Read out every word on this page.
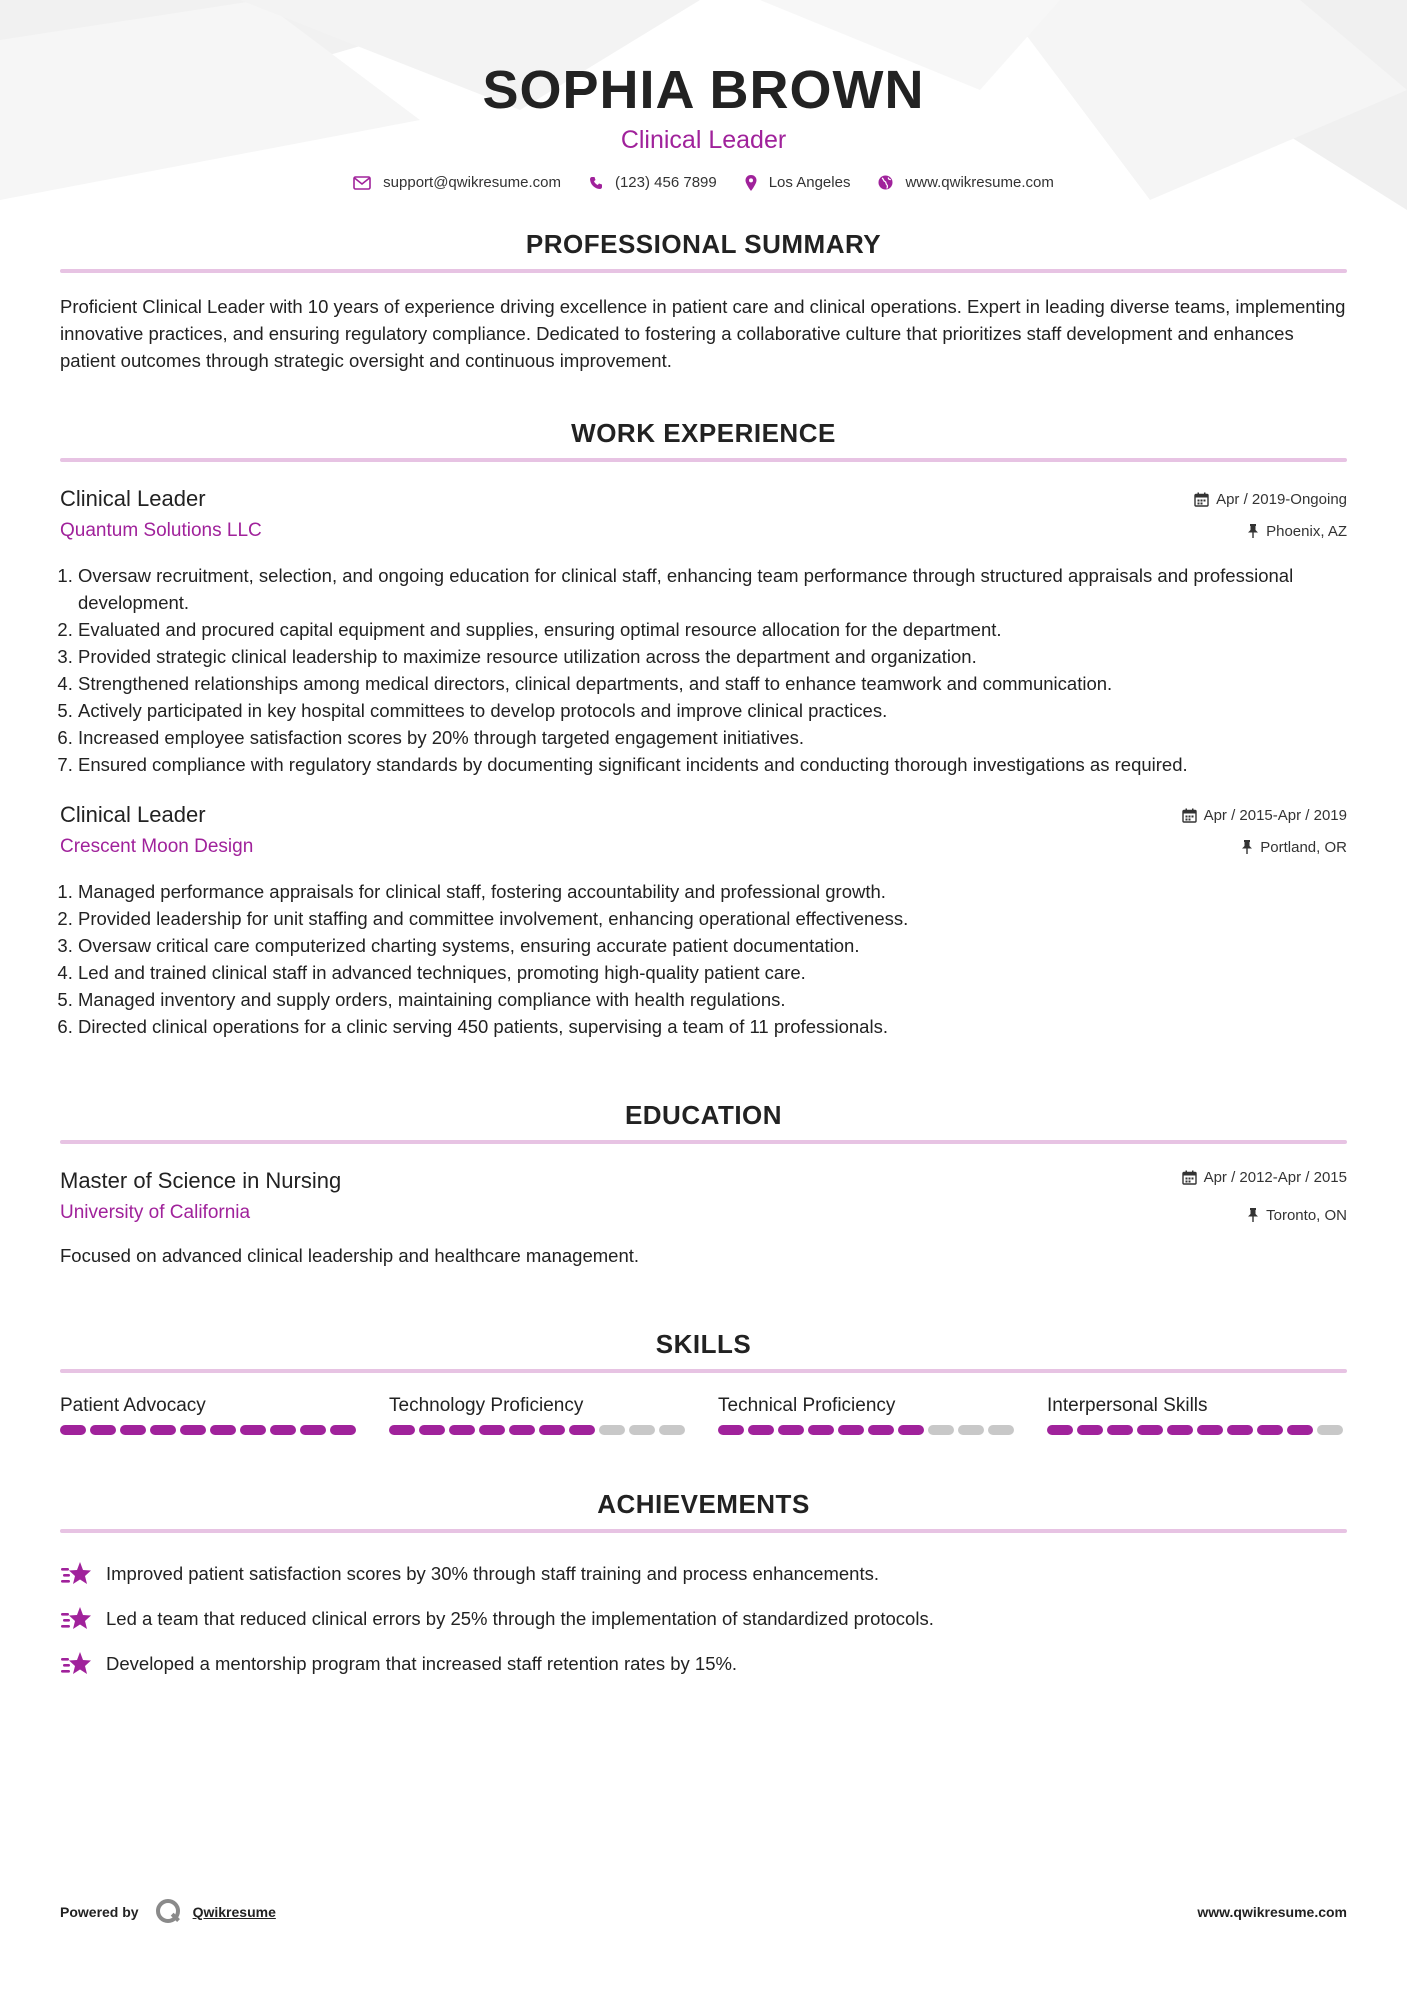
SOPHIA BROWN
Clinical Leader
support@qwikresume.com	(123) 456 7899	Los Angeles	www.qwikresume.com
PROFESSIONAL SUMMARY

Proficient Clinical Leader with 10 years of experience driving excellence in patient care and clinical operations. Expert in leading diverse teams, implementing innovative practices, and ensuring regulatory compliance. Dedicated to fostering a collaborative culture that prioritizes staff development and enhances patient outcomes through strategic oversight and continuous improvement.

WORK EXPERIENCE
Clinical Leader
Quantum Solutions LLC
Apr / 2019-Ongoing
Phoenix, AZ
1. Oversaw recruitment, selection, and ongoing education for clinical staff, enhancing team performance through structured appraisals and professional development.
2. Evaluated and procured capital equipment and supplies, ensuring optimal resource allocation for the department.
3. Provided strategic clinical leadership to maximize resource utilization across the department and organization.
4. Strengthened relationships among medical directors, clinical departments, and staff to enhance teamwork and communication.
5. Actively participated in key hospital committees to develop protocols and improve clinical practices.
6. Increased employee satisfaction scores by 20% through targeted engagement initiatives.
7. Ensured compliance with regulatory standards by documenting significant incidents and conducting thorough investigations as required.
Clinical Leader
Crescent Moon Design
Apr / 2015-Apr / 2019
Portland, OR
1. Managed performance appraisals for clinical staff, fostering accountability and professional growth.
2. Provided leadership for unit staffing and committee involvement, enhancing operational effectiveness.
3. Oversaw critical care computerized charting systems, ensuring accurate patient documentation.
4. Led and trained clinical staff in advanced techniques, promoting high-quality patient care.
5. Managed inventory and supply orders, maintaining compliance with health regulations.
6. Directed clinical operations for a clinic serving 450 patients, supervising a team of 11 professionals.
EDUCATION
Master of Science in Nursing
University of California
Apr / 2012-Apr / 2015
Toronto, ON
Focused on advanced clinical leadership and healthcare management.
SKILLS
Patient Advocacy	Technology Proficiency	Technical Proficiency	Interpersonal Skills
ACHIEVEMENTS
Improved patient satisfaction scores by 30% through staff training and process enhancements.
Led a team that reduced clinical errors by 25% through the implementation of standardized protocols.
Developed a mentorship program that increased staff retention rates by 15%.
Powered by	Qwikresume	www.qwikresume.com
